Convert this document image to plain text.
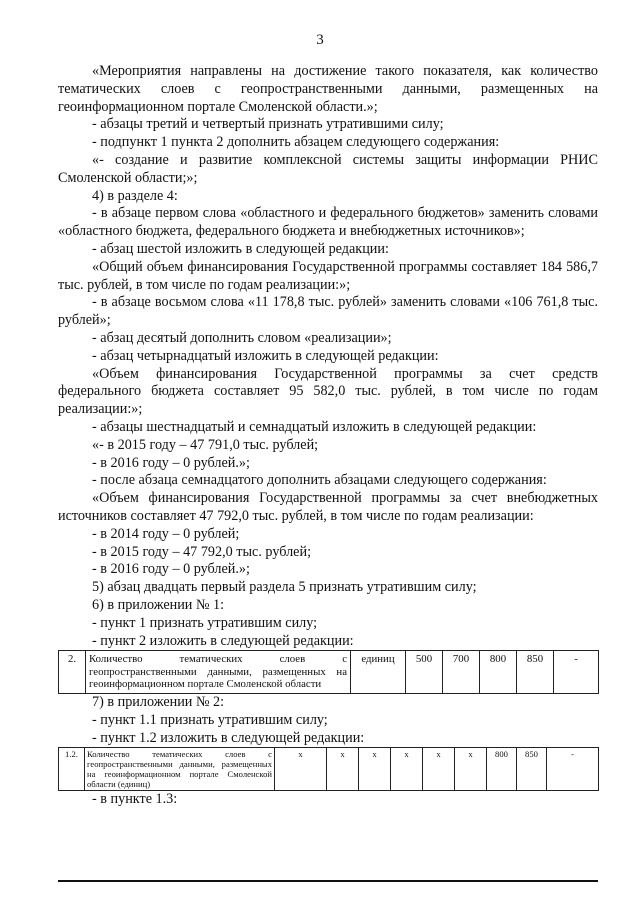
3

«Мероприятия направлены на достижение такого показателя, как количество тематических слоев с геопространственными данными, размещенных на геоинформационном портале Смоленской области.»;

- абзацы третий и четвертый признать утратившими силу;

- подпункт 1 пункта 2 дополнить абзацем следующего содержания:

«- создание и развитие комплексной системы защиты информации РНИС Смоленской области;»;

4) в разделе 4:

- в абзаце первом слова «областного и федерального бюджетов» заменить словами «областного бюджета, федерального бюджета и внебюджетных источников»;

- абзац шестой изложить в следующей редакции:

«Общий объем финансирования Государственной программы составляет 184 586,7 тыс. рублей, в том числе по годам реализации:»;

- в абзаце восьмом слова «11 178,8 тыс. рублей» заменить словами «106 761,8 тыс. рублей»;

- абзац десятый дополнить словом «реализации»;

- абзац четырнадцатый изложить в следующей редакции:

«Объем финансирования Государственной программы за счет средств федерального бюджета составляет 95 582,0 тыс. рублей, в том числе по годам реализации:»;

- абзацы шестнадцатый и семнадцатый изложить в следующей редакции:

«- в 2015 году – 47 791,0 тыс. рублей;

- в 2016 году – 0 рублей.»;

- после абзаца семнадцатого дополнить абзацами следующего содержания:

«Объем финансирования Государственной программы за счет внебюджетных источников составляет 47 792,0 тыс. рублей, в том числе по годам реализации:

- в 2014 году – 0 рублей;

- в 2015 году – 47 792,0 тыс. рублей;

- в 2016 году – 0 рублей.»;

5) абзац двадцать первый раздела 5 признать утратившим силу;

6) в приложении № 1:

- пункт 1 признать утратившим силу;

- пункт 2 изложить в следующей редакции:

2.	Количество тематических слоев с геопространственными данными, размещенных на геоинформационном портале Смоленской области	единиц	500	700	800	850	-

7) в приложении № 2:

- пункт 1.1 признать утратившим силу;

- пункт 1.2 изложить в следующей редакции:

1.2.	Количество тематических слоев с геопространственными данными, размещенных на геоинформационном портале Смоленской области (единиц)	х	х	х	х	х	х	800	850	-

- в пункте 1.3:
